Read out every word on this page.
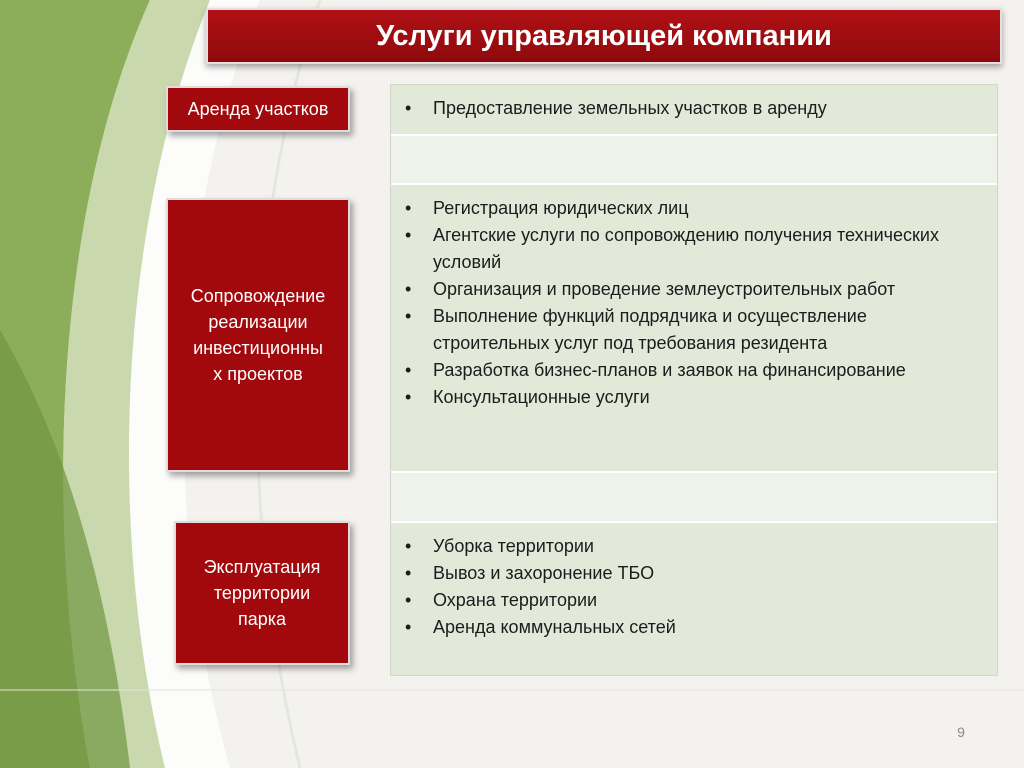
Услуги управляющей компании
Аренда участков
Сопровождение
реализации
инвестиционны
х проектов
Эксплуатация
территории
парка
• Предоставление земельных участков в аренду
• Регистрация юридических лиц
• Агентские услуги по сопровождению получения технических условий
• Организация и проведение землеустроительных работ
• Выполнение функций подрядчика и осуществление строительных услуг под требования резидента
• Разработка бизнес-планов и заявок на финансирование
• Консультационные услуги
• Уборка территории
• Вывоз и захоронение ТБО
• Охрана территории
• Аренда коммунальных сетей
9
